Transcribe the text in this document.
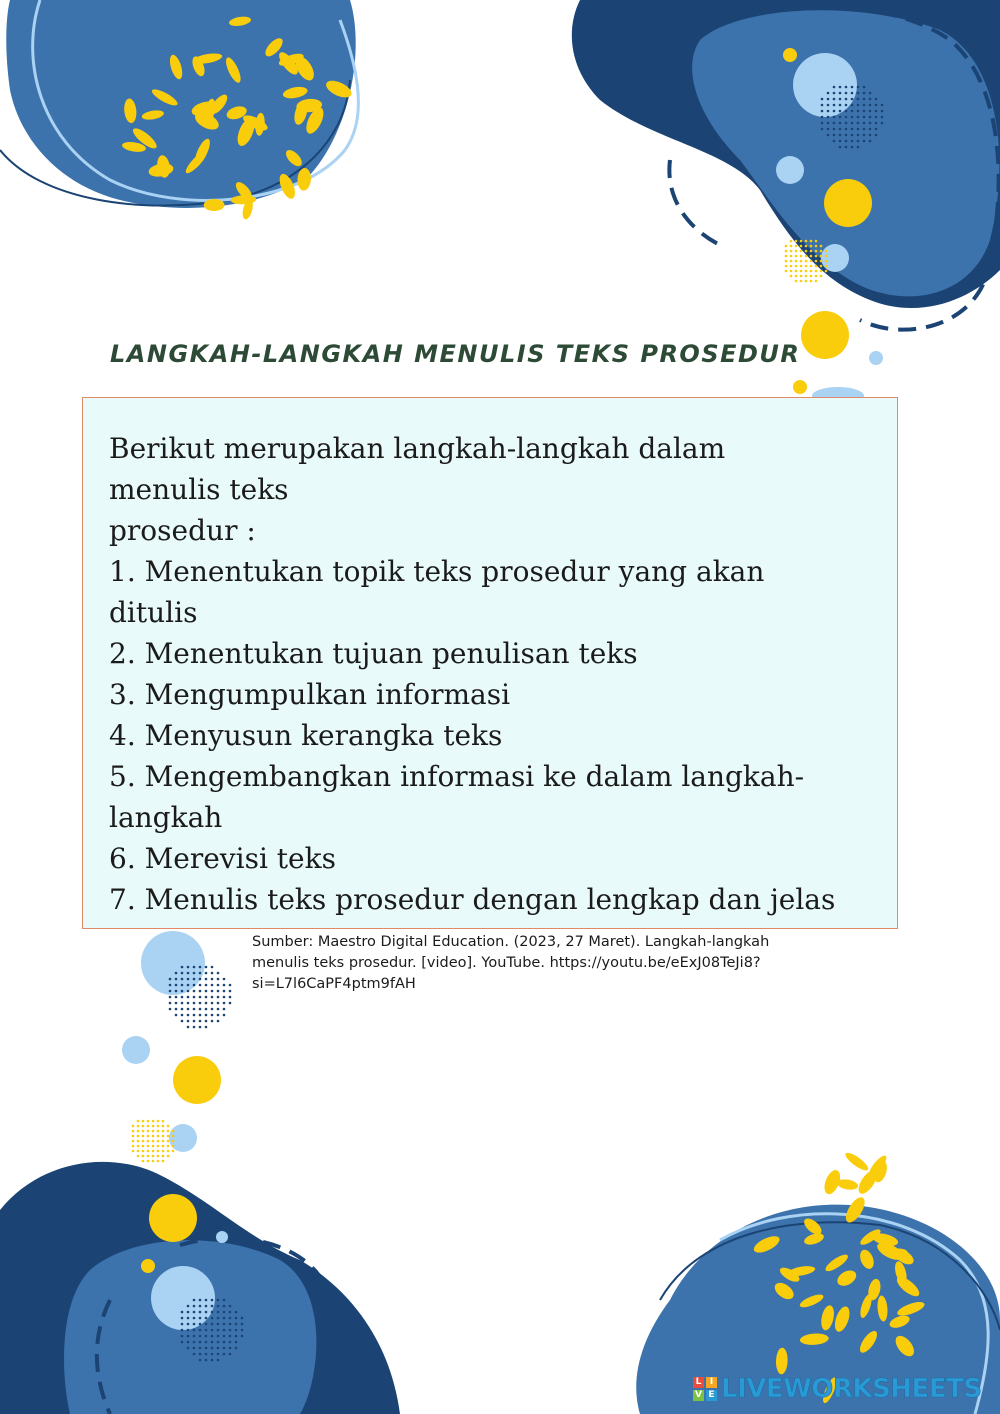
LANGKAH-LANGKAH MENULIS TEKS PROSEDUR

Berikut merupakan langkah-langkah dalam

menulis teks

prosedur :

1. Menentukan topik teks prosedur yang akan

ditulis

2. Menentukan tujuan penulisan teks

3. Mengumpulkan informasi

4. Menyusun kerangka teks

5. Mengembangkan informasi ke dalam langkah-

langkah

6. Merevisi teks

7. Menulis teks prosedur dengan lengkap dan jelas

Sumber: Maestro Digital Education. (2023, 27 Maret). Langkah-langkah
menulis teks prosedur. [video]. YouTube. https://youtu.be/eExJ08TeJi8?
si=L7l6CaPF4ptm9fAH
L I
V E LIVEWORKSHEETS
